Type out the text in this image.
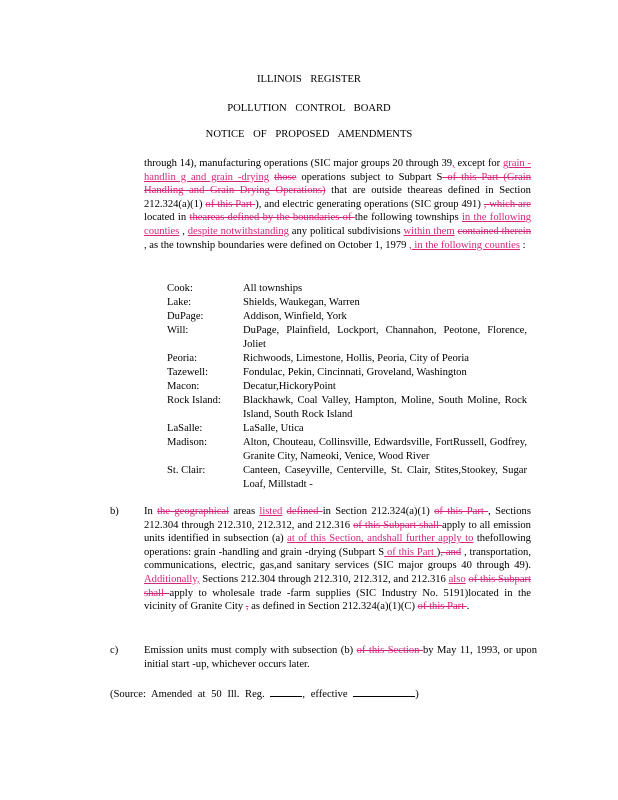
ILLINOIS REGISTER
POLLUTION CONTROL BOARD
NOTICE OF PROPOSED AMENDMENTS
through 14), manufacturing operations (SIC major groups 20 through 39, except for grain -handlin g and grain -drying those operations subject to Subpart S of this Part (Grain Handling and Grain Drying Operations) that are outside theareas defined in Section 212.324(a)(1) of this Part ), and electric generating operations (SIC group 491) , which are located in theareas defined by the boundaries of the following townships in the following counties , despite notwithstanding any political subdivisions within them contained therein , as the township boundaries were defined on October 1, 1979 , in the following counties :
Cook:	All townships
Lake:	Shields, Waukegan, Warren
DuPage:	Addison, Winfield, York
Will:	DuPage, Plainfield, Lockport, Channahon, Peotone, Florence, Joliet
Peoria:	Richwoods, Limestone, Hollis, Peoria, City of Peoria
Tazewell:	Fondulac, Pekin, Cincinnati, Groveland, Washington
Macon:	Decatur,HickoryPoint
Rock Island: Blackhawk, Coal Valley, Hampton, Moline, South Moline, Rock Island, South Rock Island
LaSalle:	LaSalle, Utica
Madison:	Alton, Chouteau, Collinsville, Edwardsville, FortRussell, Godfrey, Granite City, Nameoki, Venice, Wood River
St. Clair:	Canteen, Caseyville, Centerville, St. Clair, Stites,Stookey, Sugar Loaf, Millstadt -
b) In the geographical areas listed defined in Section 212.324(a)(1) of this Part , Sections 212.304 through 212.310, 212.312, and 212.316 of this Subpart shall apply to all emission units identified in subsection (a) at of this Section, andshall further apply to thefollowing operations: grain -handling and grain -drying (Subpart S of this Part ), and , transportation, communications, electric, gas,and sanitary services (SIC major groups 40 through 49). Additionally, Sections 212.304 through 212.310, 212.312, and 212.316 also of this Subpart shall apply to wholesale trade -farm supplies (SIC Industry No. 5191)located in the vicinity of Granite City , as defined in Section 212.324(a)(1)(C) of this Part .
c) Emission units must comply with subsection (b) of this Section by May 11, 1993, or upon initial start -up, whichever occurs later.
(Source: Amended at 50 Ill. Reg.	, effective	)
